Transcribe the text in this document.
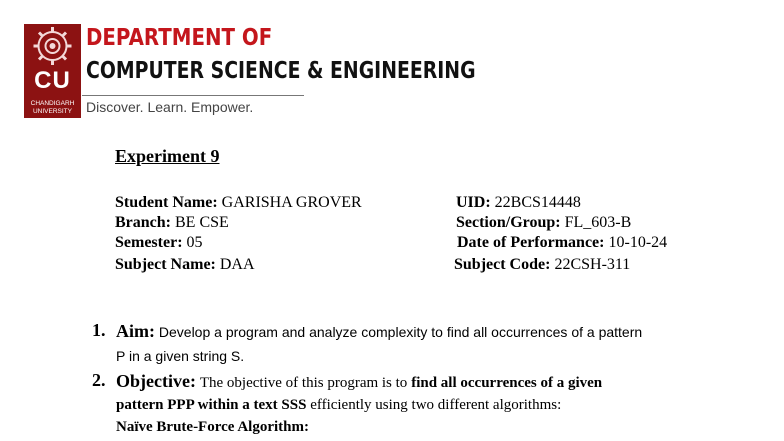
CU
CHANDIGARH UNIVERSITY
DEPARTMENT OF
COMPUTER SCIENCE & ENGINEERING
Discover. Learn. Empower.
Experiment 9
Student Name: GARISHA GROVER
Branch: BE CSE
Semester: 05
Subject Name: DAA
UID: 22BCS14448
Section/Group: FL_603-B
Date of Performance: 10-10-24
Subject Code: 22CSH-311
1. Aim: Develop a program and analyze complexity to find all occurrences of a pattern
P in a given string S.
2. Objective: The objective of this program is to find all occurrences of a given
pattern PPP within a text SSS efficiently using two different algorithms:
Naïve Brute-Force Algorithm:
